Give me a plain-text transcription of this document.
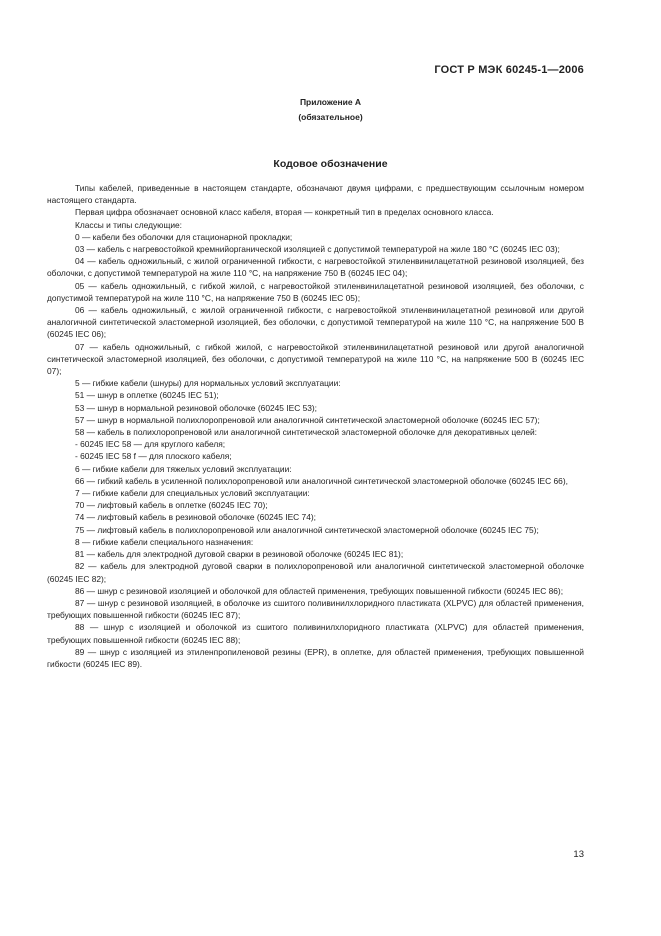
ГОСТ Р МЭК 60245-1—2006
Приложение А
(обязательное)
Кодовое обозначение

Типы кабелей, приведенные в настоящем стандарте, обозначают двумя цифрами, с предшествующим ссылочным номером настоящего стандарта.

Первая цифра обозначает основной класс кабеля, вторая — конкретный тип в пределах основного класса.

Классы и типы следующие:

0 — кабели без оболочки для стационарной прокладки;

03 — кабель с нагревостойкой кремнийорганической изоляцией с допустимой температурой на жиле 180 °С (60245 IEC 03);

04 — кабель одножильный, с жилой ограниченной гибкости, с нагревостойкой этиленвинилацетатной резиновой изоляцией, без оболочки, с допустимой температурой на жиле 110 °С, на напряжение 750 В (60245 IEC 04);

05 — кабель одножильный, с гибкой жилой, с нагревостойкой этиленвинилацетатной резиновой изоляцией, без оболочки, с допустимой температурой на жиле 110 °С, на напряжение 750 В (60245 IEC 05);

06 — кабель одножильный, с жилой ограниченной гибкости, с нагревостойкой этиленвинилацетатной резиновой или другой аналогичной синтетической эластомерной изоляцией, без оболочки, с допустимой температурой на жиле 110 °С, на напряжение 500 В (60245 IEC 06);

07 — кабель одножильный, с гибкой жилой, с нагревостойкой этиленвинилацетатной резиновой или другой аналогичной синтетической эластомерной изоляцией, без оболочки, с допустимой температурой на жиле 110 °С, на напряжение 500 В (60245 IEC 07);

5 — гибкие кабели (шнуры) для нормальных условий эксплуатации:

51 — шнур в оплетке (60245 IEC 51);

53 — шнур в нормальной резиновой оболочке (60245 IEC 53);

57 — шнур в нормальной полихлоропреновой или аналогичной синтетической эластомерной оболочке (60245 IEC 57);

58 — кабель в полихлоропреновой или аналогичной синтетической эластомерной оболочке для декоративных целей:

- 60245 IEC 58 — для круглого кабеля;

- 60245 IEC 58 f — для плоского кабеля;

6 — гибкие кабели для тяжелых условий эксплуатации:

66 — гибкий кабель в усиленной полихлоропреновой или аналогичной синтетической эластомерной оболочке (60245 IEC 66),

7 — гибкие кабели для специальных условий эксплуатации:

70 — лифтовый кабель в оплетке (60245 IEC 70);

74 — лифтовый кабель в резиновой оболочке (60245 IEC 74);

75 — лифтовый кабель в полихлоропреновой или аналогичной синтетической эластомерной оболочке (60245 IEC 75);

8 — гибкие кабели специального назначения:

81 — кабель для электродной дуговой сварки в резиновой оболочке (60245 IEC 81);

82 — кабель для электродной дуговой сварки в полихлоропреновой или аналогичной синтетической эластомерной оболочке (60245 IEC 82);

86 — шнур с резиновой изоляцией и оболочкой для областей применения, требующих повышенной гибкости (60245 IEC 86);

87 — шнур с резиновой изоляцией, в оболочке из сшитого поливинилхлоридного пластиката (XLPVC) для областей применения, требующих повышенной гибкости (60245 IEC 87);

88 — шнур с изоляцией и оболочкой из сшитого поливинилхлоридного пластиката (XLPVC) для областей применения, требующих повышенной гибкости (60245 IEC 88);

89 — шнур с изоляцией из этиленпропиленовой резины (EPR), в оплетке, для областей применения, требующих повышенной гибкости (60245 IEC 89).

13
